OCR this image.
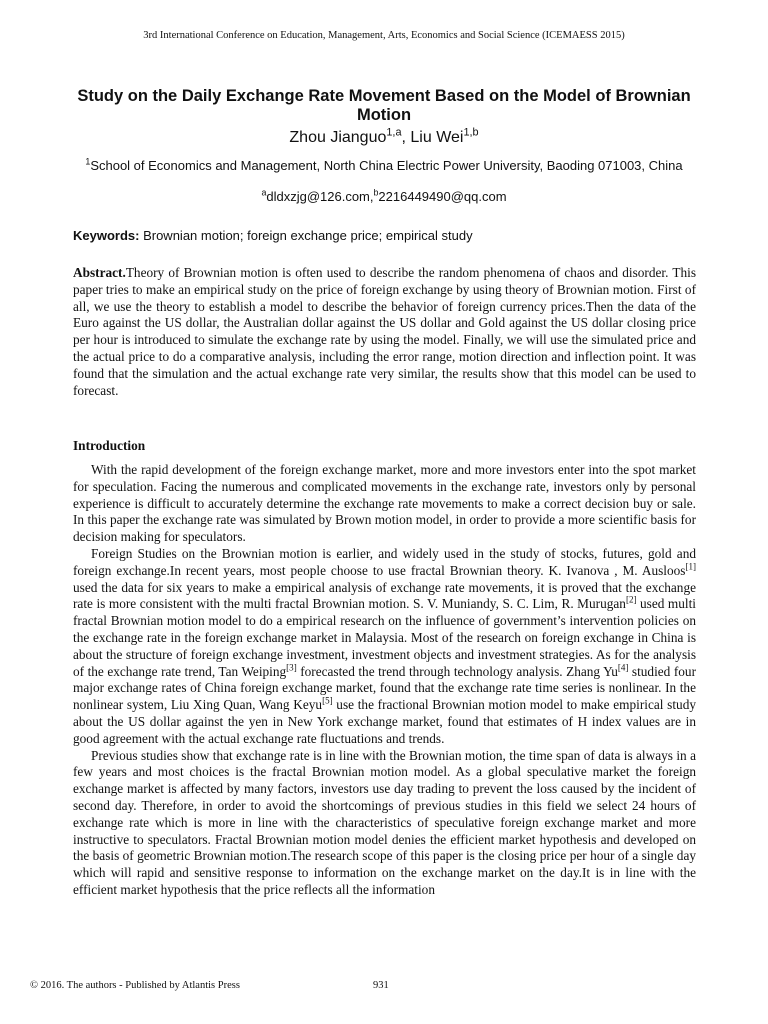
3rd International Conference on Education, Management, Arts, Economics and Social Science (ICEMAESS 2015)
Study on the Daily Exchange Rate Movement Based on the Model of Brownian Motion
Zhou Jianguo$^{1,a}$, Liu Wei$^{1,b}$
$^1$School of Economics and Management, North China Electric Power University, Baoding 071003, China
$^a$dldxzjg@126.com,$^b$2216449490@qq.com
Keywords: Brownian motion; foreign exchange price; empirical study
Abstract.Theory of Brownian motion is often used to describe the random phenomena of chaos and disorder. This paper tries to make an empirical study on the price of foreign exchange by using theory of Brownian motion. First of all, we use the theory to establish a model to describe the behavior of foreign currency prices.Then the data of the Euro against the US dollar, the Australian dollar against the US dollar and Gold against the US dollar closing price per hour is introduced to simulate the exchange rate by using the model. Finally, we will use the simulated price and the actual price to do a comparative analysis, including the error range, motion direction and inflection point. It was found that the simulation and the actual exchange rate very similar, the results show that this model can be used to forecast.
Introduction

With the rapid development of the foreign exchange market, more and more investors enter into the spot market for speculation. Facing the numerous and complicated movements in the exchange rate, investors only by personal experience is difficult to accurately determine the exchange rate movements to make a correct decision buy or sale. In this paper the exchange rate was simulated by Brown motion model, in order to provide a more scientific basis for decision making for speculators.

Foreign Studies on the Brownian motion is earlier, and widely used in the study of stocks, futures, gold and foreign exchange.In recent years, most people choose to use fractal Brownian theory. K. Ivanova , M. Ausloos[1] used the data for six years to make a empirical analysis of exchange rate movements, it is proved that the exchange rate is more consistent with the multi fractal Brownian motion. S. V. Muniandy, S. C. Lim, R. Murugan[2] used multi fractal Brownian motion model to do a empirical research on the influence of government’s intervention policies on the exchange rate in the foreign exchange market in Malaysia. Most of the research on foreign exchange in China is about the structure of foreign exchange investment, investment objects and investment strategies. As for the analysis of the exchange rate trend, Tan Weiping[3] forecasted the trend through technology analysis. Zhang Yu[4] studied four major exchange rates of China foreign exchange market, found that the exchange rate time series is nonlinear. In the nonlinear system, Liu Xing Quan, Wang Keyu[5] use the fractional Brownian motion model to make empirical study about the US dollar against the yen in New York exchange market, found that estimates of H index values are in good agreement with the actual exchange rate fluctuations and trends.

Previous studies show that exchange rate is in line with the Brownian motion, the time span of data is always in a few years and most choices is the fractal Brownian motion model. As a global speculative market the foreign exchange market is affected by many factors, investors use day trading to prevent the loss caused by the incident of second day. Therefore, in order to avoid the shortcomings of previous studies in this field we select 24 hours of exchange rate which is more in line with the characteristics of speculative foreign exchange market and more instructive to speculators. Fractal Brownian motion model denies the efficient market hypothesis and developed on the basis of geometric Brownian motion.The research scope of this paper is the closing price per hour of a single day which will rapid and sensitive response to information on the exchange market on the day.It is in line with the efficient market hypothesis that the price reflects all the information

© 2016. The authors - Published by Atlantis Press	931
